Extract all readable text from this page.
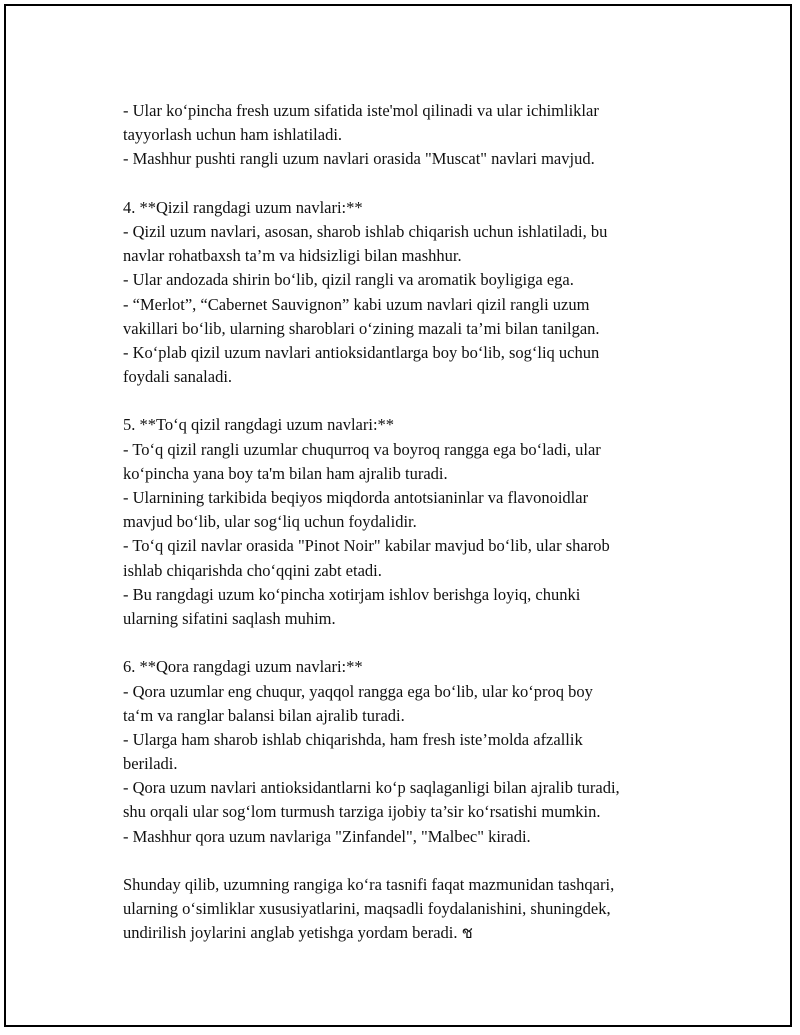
- Ular ko‘pincha fresh uzum sifatida iste'mol qilinadi va ular ichimliklar
tayyorlash uchun ham ishlatiladi.
- Mashhur pushti rangli uzum navlari orasida "Muscat" navlari mavjud.
4. **Qizil rangdagi uzum navlari:**
- Qizil uzum navlari, asosan, sharob ishlab chiqarish uchun ishlatiladi, bu
navlar rohatbaxsh ta’m va hidsizligi bilan mashhur.
- Ular andozada shirin bo‘lib, qizil rangli va aromatik boyligiga ega.
- “Merlot”, “Cabernet Sauvignon” kabi uzum navlari qizil rangli uzum
vakillari bo‘lib, ularning sharoblari o‘zining mazali ta’mi bilan tanilgan.
- Ko‘plab qizil uzum navlari antioksidantlarga boy bo‘lib, sog‘liq uchun
foydali sanaladi.
5. **To‘q qizil rangdagi uzum navlari:**
- To‘q qizil rangli uzumlar chuqurroq va boyroq rangga ega bo‘ladi, ular
ko‘pincha yana boy ta'm bilan ham ajralib turadi.
- Ularnining tarkibida beqiyos miqdorda antotsianinlar va flavonoidlar
mavjud bo‘lib, ular sog‘liq uchun foydalidir.
- To‘q qizil navlar orasida "Pinot Noir" kabilar mavjud bo‘lib, ular sharob
ishlab chiqarishda cho‘qqini zabt etadi.
- Bu rangdagi uzum ko‘pincha xotirjam ishlov berishga loyiq, chunki
ularning sifatini saqlash muhim.
6. **Qora rangdagi uzum navlari:**
- Qora uzumlar eng chuqur, yaqqol rangga ega bo‘lib, ular ko‘proq boy
ta‘m va ranglar balansi bilan ajralib turadi.
- Ularga ham sharob ishlab chiqarishda, ham fresh iste’molda afzallik
beriladi.
- Qora uzum navlari antioksidantlarni ko‘p saqlaganligi bilan ajralib turadi,
shu orqali ular sog‘lom turmush tarziga ijobiy ta’sir ko‘rsatishi mumkin.
- Mashhur qora uzum navlariga "Zinfandel", "Malbec" kiradi.
Shunday qilib, uzumning rangiga ko‘ra tasnifi faqat mazmunidan tashqari,
ularning o‘simliklar xususiyatlarini, maqsadli foydalanishini, shuningdek,
undirilish joylarini anglab yetishga yordam beradi. ช
